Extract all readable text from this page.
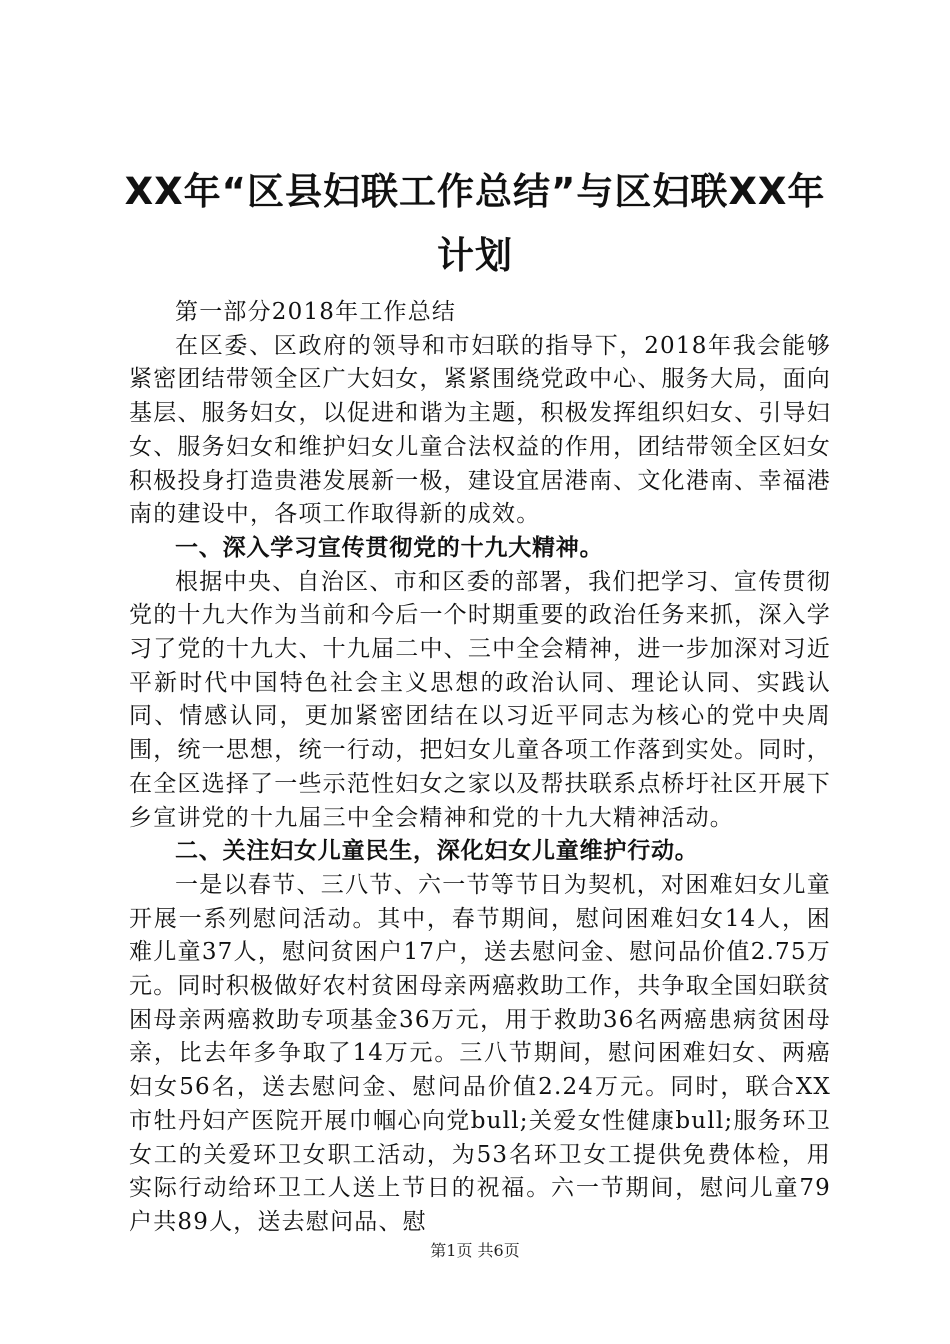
XX年“区县妇联工作总结”与区妇联XX年计划

第一部分2018年工作总结

在区委、区政府的领导和市妇联的指导下，2018年我会能够紧密团结带领全区广大妇女，紧紧围绕党政中心、服务大局，面向基层、服务妇女，以促进和谐为主题，积极发挥组织妇女、引导妇女、服务妇女和维护妇女儿童合法权益的作用，团结带领全区妇女积极投身打造贵港发展新一极，建设宜居港南、文化港南、幸福港南的建设中，各项工作取得新的成效。

一、深入学习宣传贯彻党的十九大精神。

根据中央、自治区、市和区委的部署，我们把学习、宣传贯彻党的十九大作为当前和今后一个时期重要的政治任务来抓，深入学习了党的十九大、十九届二中、三中全会精神，进一步加深对习近平新时代中国特色社会主义思想的政治认同、理论认同、实践认同、情感认同，更加紧密团结在以习近平同志为核心的党中央周围，统一思想，统一行动，把妇女儿童各项工作落到实处。同时，在全区选择了一些示范性妇女之家以及帮扶联系点桥圩社区开展下乡宣讲党的十九届三中全会精神和党的十九大精神活动。

二、关注妇女儿童民生，深化妇女儿童维护行动。

一是以春节、三八节、六一节等节日为契机，对困难妇女儿童开展一系列慰问活动。其中，春节期间，慰问困难妇女14人，困难儿童37人，慰问贫困户17户，送去慰问金、慰问品价值2.75万元。同时积极做好农村贫困母亲两癌救助工作，共争取全国妇联贫困母亲两癌救助专项基金36万元，用于救助36名两癌患病贫困母亲，比去年多争取了14万元。三八节期间，慰问困难妇女、两癌妇女56名，送去慰问金、慰问品价值2.24万元。同时，联合XX市牡丹妇产医院开展巾帼心向党bull;关爱女性健康bull;服务环卫女工的关爱环卫女职工活动，为53名环卫女工提供免费体检，用实际行动给环卫工人送上节日的祝福。六一节期间，慰问儿童79户共89人，送去慰问品、慰

第1页 共6页
